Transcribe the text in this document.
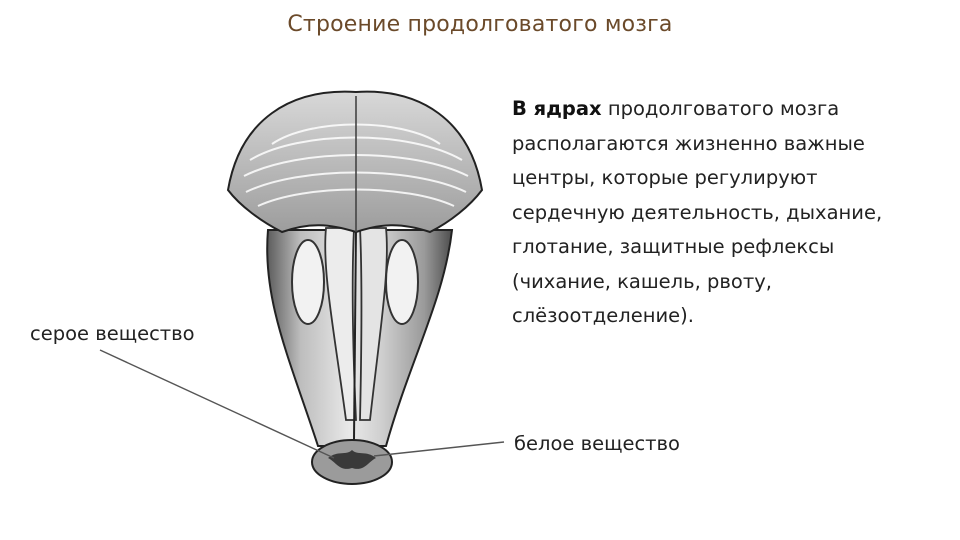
Строение продолговатого мозга
В ядрах продолговатого мозга располагаются жизненно важные центры, которые регулируют сердечную деятельность, дыхание, глотание, защитные рефлексы (чихание, кашель, рвоту, слёзоотделение).
серое вещество
белое вещество
